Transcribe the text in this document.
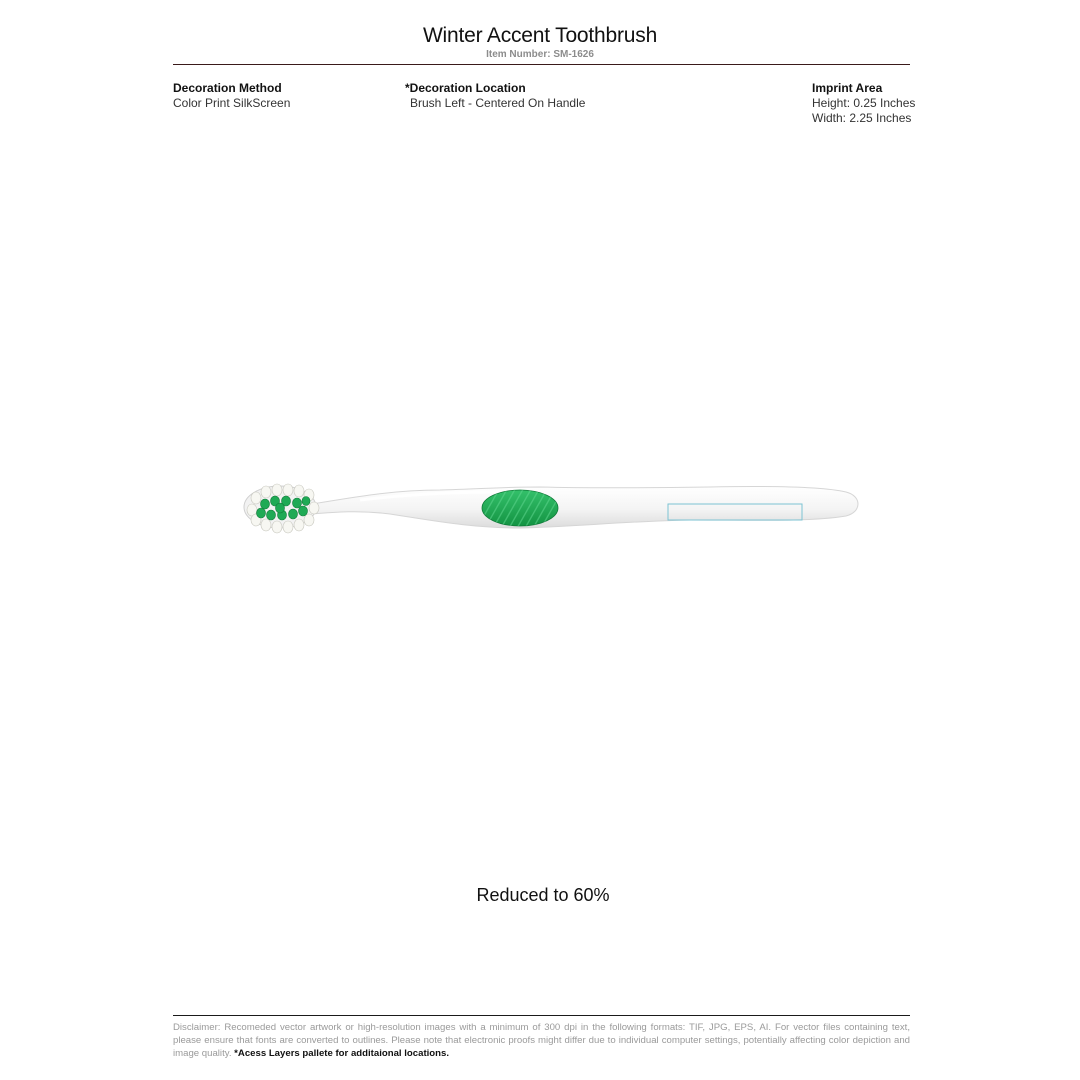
Winter Accent Toothbrush
Item Number: SM-1626
Decoration Method
Color Print SilkScreen
*Decoration Location
Brush Left - Centered On Handle
Imprint Area
Height: 0.25 Inches
Width: 2.25 Inches
Reduced to 60%
Disclaimer: Recomeded vector artwork or high-resolution images with a minimum of 300 dpi in the following formats: TIF, JPG, EPS, AI. For vector files containing text, please ensure that fonts are converted to outlines. Please note that electronic proofs might differ due to individual computer settings, potentially affecting color depiction and image quality. *Acess Layers pallete for additaional locations.
